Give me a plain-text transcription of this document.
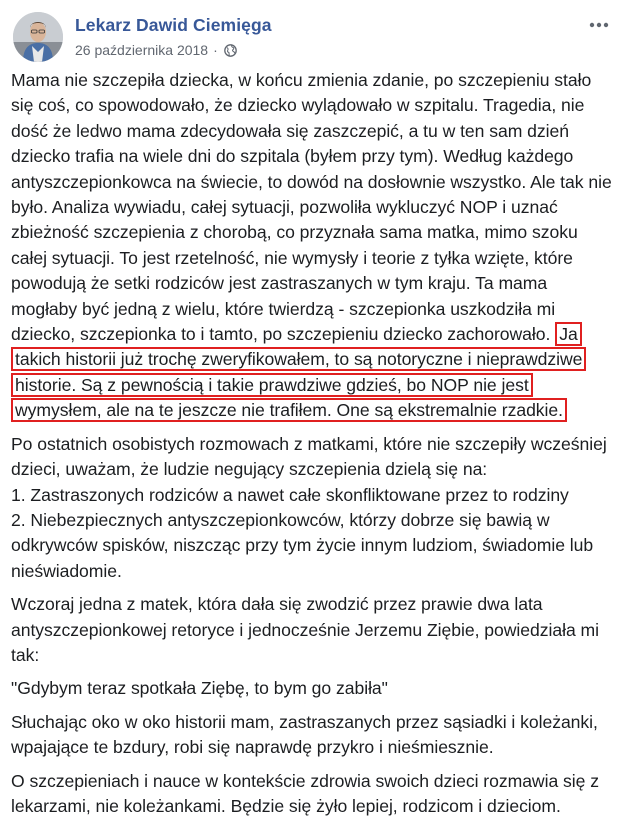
Lekarz Dawid Ciemięga
26 października 2018 ·

Mama nie szczepiła dziecka, w końcu zmienia zdanie, po szczepieniu stało się coś, co spowodowało, że dziecko wylądowało w szpitalu. Tragedia, nie dość że ledwo mama zdecydowała się zaszczepić, a tu w ten sam dzień dziecko trafia na wiele dni do szpitala (byłem przy tym). Według każdego antyszczepionkowca na świecie, to dowód na dosłownie wszystko. Ale tak nie było. Analiza wywiadu, całej sytuacji, pozwoliła wykluczyć NOP i uznać zbieżność szczepienia z chorobą, co przyznała sama matka, mimo szoku całej sytuacji. To jest rzetelność, nie wymysły i teorie z tyłka wzięte, które powodują że setki rodziców jest zastraszanych w tym kraju. Ta mama mogłaby być jedną z wielu, które twierdzą - szczepionka uszkodziła mi dziecko, szczepionka to i tamto, po szczepieniu dziecko zachorowało. Ja takich historii już trochę zweryfikowałem, to są notoryczne i nieprawdziwe historie. Są z pewnością i takie prawdziwe gdzieś, bo NOP nie jest wymysłem, ale na te jeszcze nie trafiłem. One są ekstremalnie rzadkie.

Po ostatnich osobistych rozmowach z matkami, które nie szczepiły wcześniej dzieci, uważam, że ludzie negujący szczepienia dzielą się na:
1. Zastraszonych rodziców a nawet całe skonfliktowane przez to rodziny
2. Niebezpiecznych antyszczepionkowców, którzy dobrze się bawią w odkrywców spisków, niszcząc przy tym życie innym ludziom, świadomie lub nieświadomie.

Wczoraj jedna z matek, która dała się zwodzić przez prawie dwa lata antyszczepionkowej retoryce i jednocześnie Jerzemu Ziębie, powiedziała mi tak:

"Gdybym teraz spotkała Ziębę, to bym go zabiła"

Słuchając oko w oko historii mam, zastraszanych przez sąsiadki i koleżanki, wpajające te bzdury, robi się naprawdę przykro i nieśmiesznie.

O szczepieniach i nauce w kontekście zdrowia swoich dzieci rozmawia się z lekarzami, nie koleżankami. Będzie się żyło lepiej, rodzicom i dzieciom.
